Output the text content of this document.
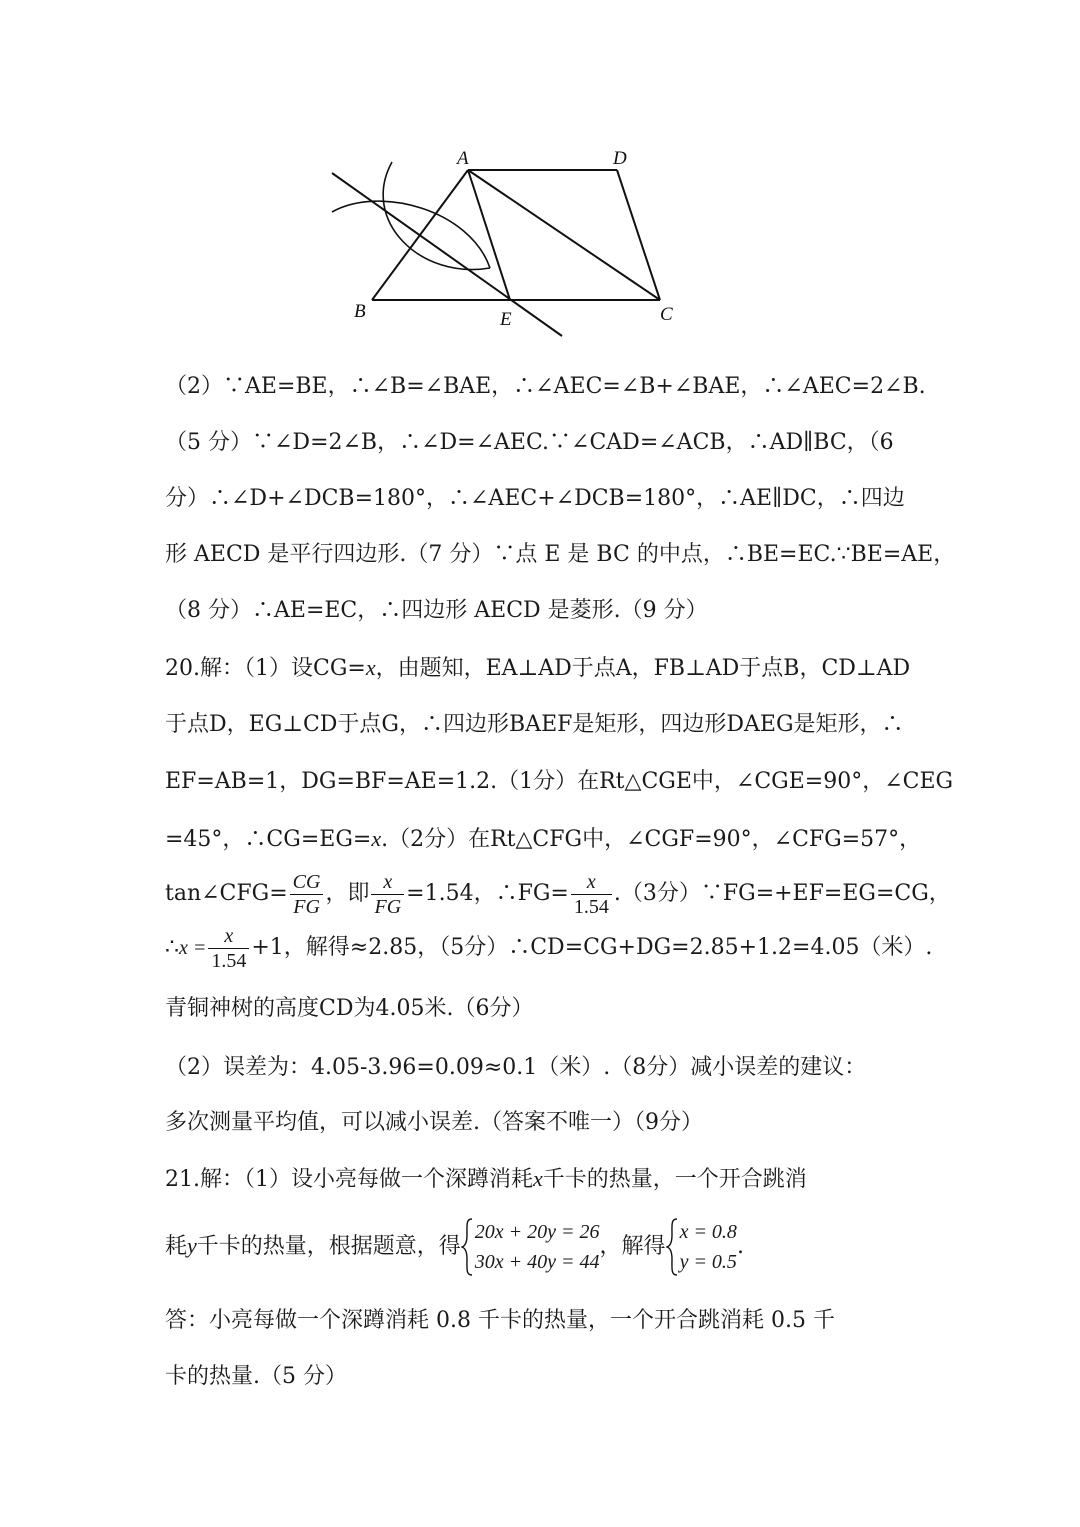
A	D
B	E	C
（2）∵AE=BE，∴∠B=∠BAE，∴∠AEC=∠B+∠BAE，∴∠AEC=2∠B.
（5 分）∵∠D=2∠B，∴∠D=∠AEC.∵∠CAD=∠ACB，∴AD∥BC，（6
分）∴∠D+∠DCB=180°，∴∠AEC+∠DCB=180°，∴AE∥DC，∴四边
形 AECD 是平行四边形.（7 分）∵点 E 是 BC 的中点，∴BE=EC.∵BE=AE，
（8 分）∴AE=EC，∴四边形 AECD 是菱形.（9 分）
20.解：（1）设CG=x，由题知，EA⊥AD于点A，FB⊥AD于点B，CD⊥AD
于点D，EG⊥CD于点G，∴四边形BAEF是矩形，四边形DAEG是矩形，∴
EF=AB=1，DG=BF=AE=1.2.（1分）在Rt△CGE中，∠CGE=90°，∠CEG
=45°，∴CG=EG=x.（2分）在Rt△CFG中，∠CGF=90°，∠CFG=57°，
tan∠CFG= $\frac{CG}{FG}$ ，即 $\frac{x}{FG} =1.54$，∴FG= $\frac{x}{1.54} .(3$分）∵FG=+EF=EG=CG，
∴x = $\frac{x}{1.54} +1$，解得≈2.85，（5分）∴CD=CG+DG=2.85+1.2=4.05（米）.
青铜神树的高度CD为4.05米.（6分）
（2）误差为：4.05-3.96=0.09≈0.1（米）.（8分）减小误差的建议：
多次测量平均值，可以减小误差.（答案不唯一）（9分）
21.解：（1）设小亮每做一个深蹲消耗x千卡的热量，一个开合跳消
耗y千卡的热量，根据题意，得
20x + 20y = 26
30x + 40y = 44
，解得
x = 0.8
y = 0.5
.
答：小亮每做一个深蹲消耗 0.8 千卡的热量，一个开合跳消耗 0.5 千
卡的热量.（5 分）
